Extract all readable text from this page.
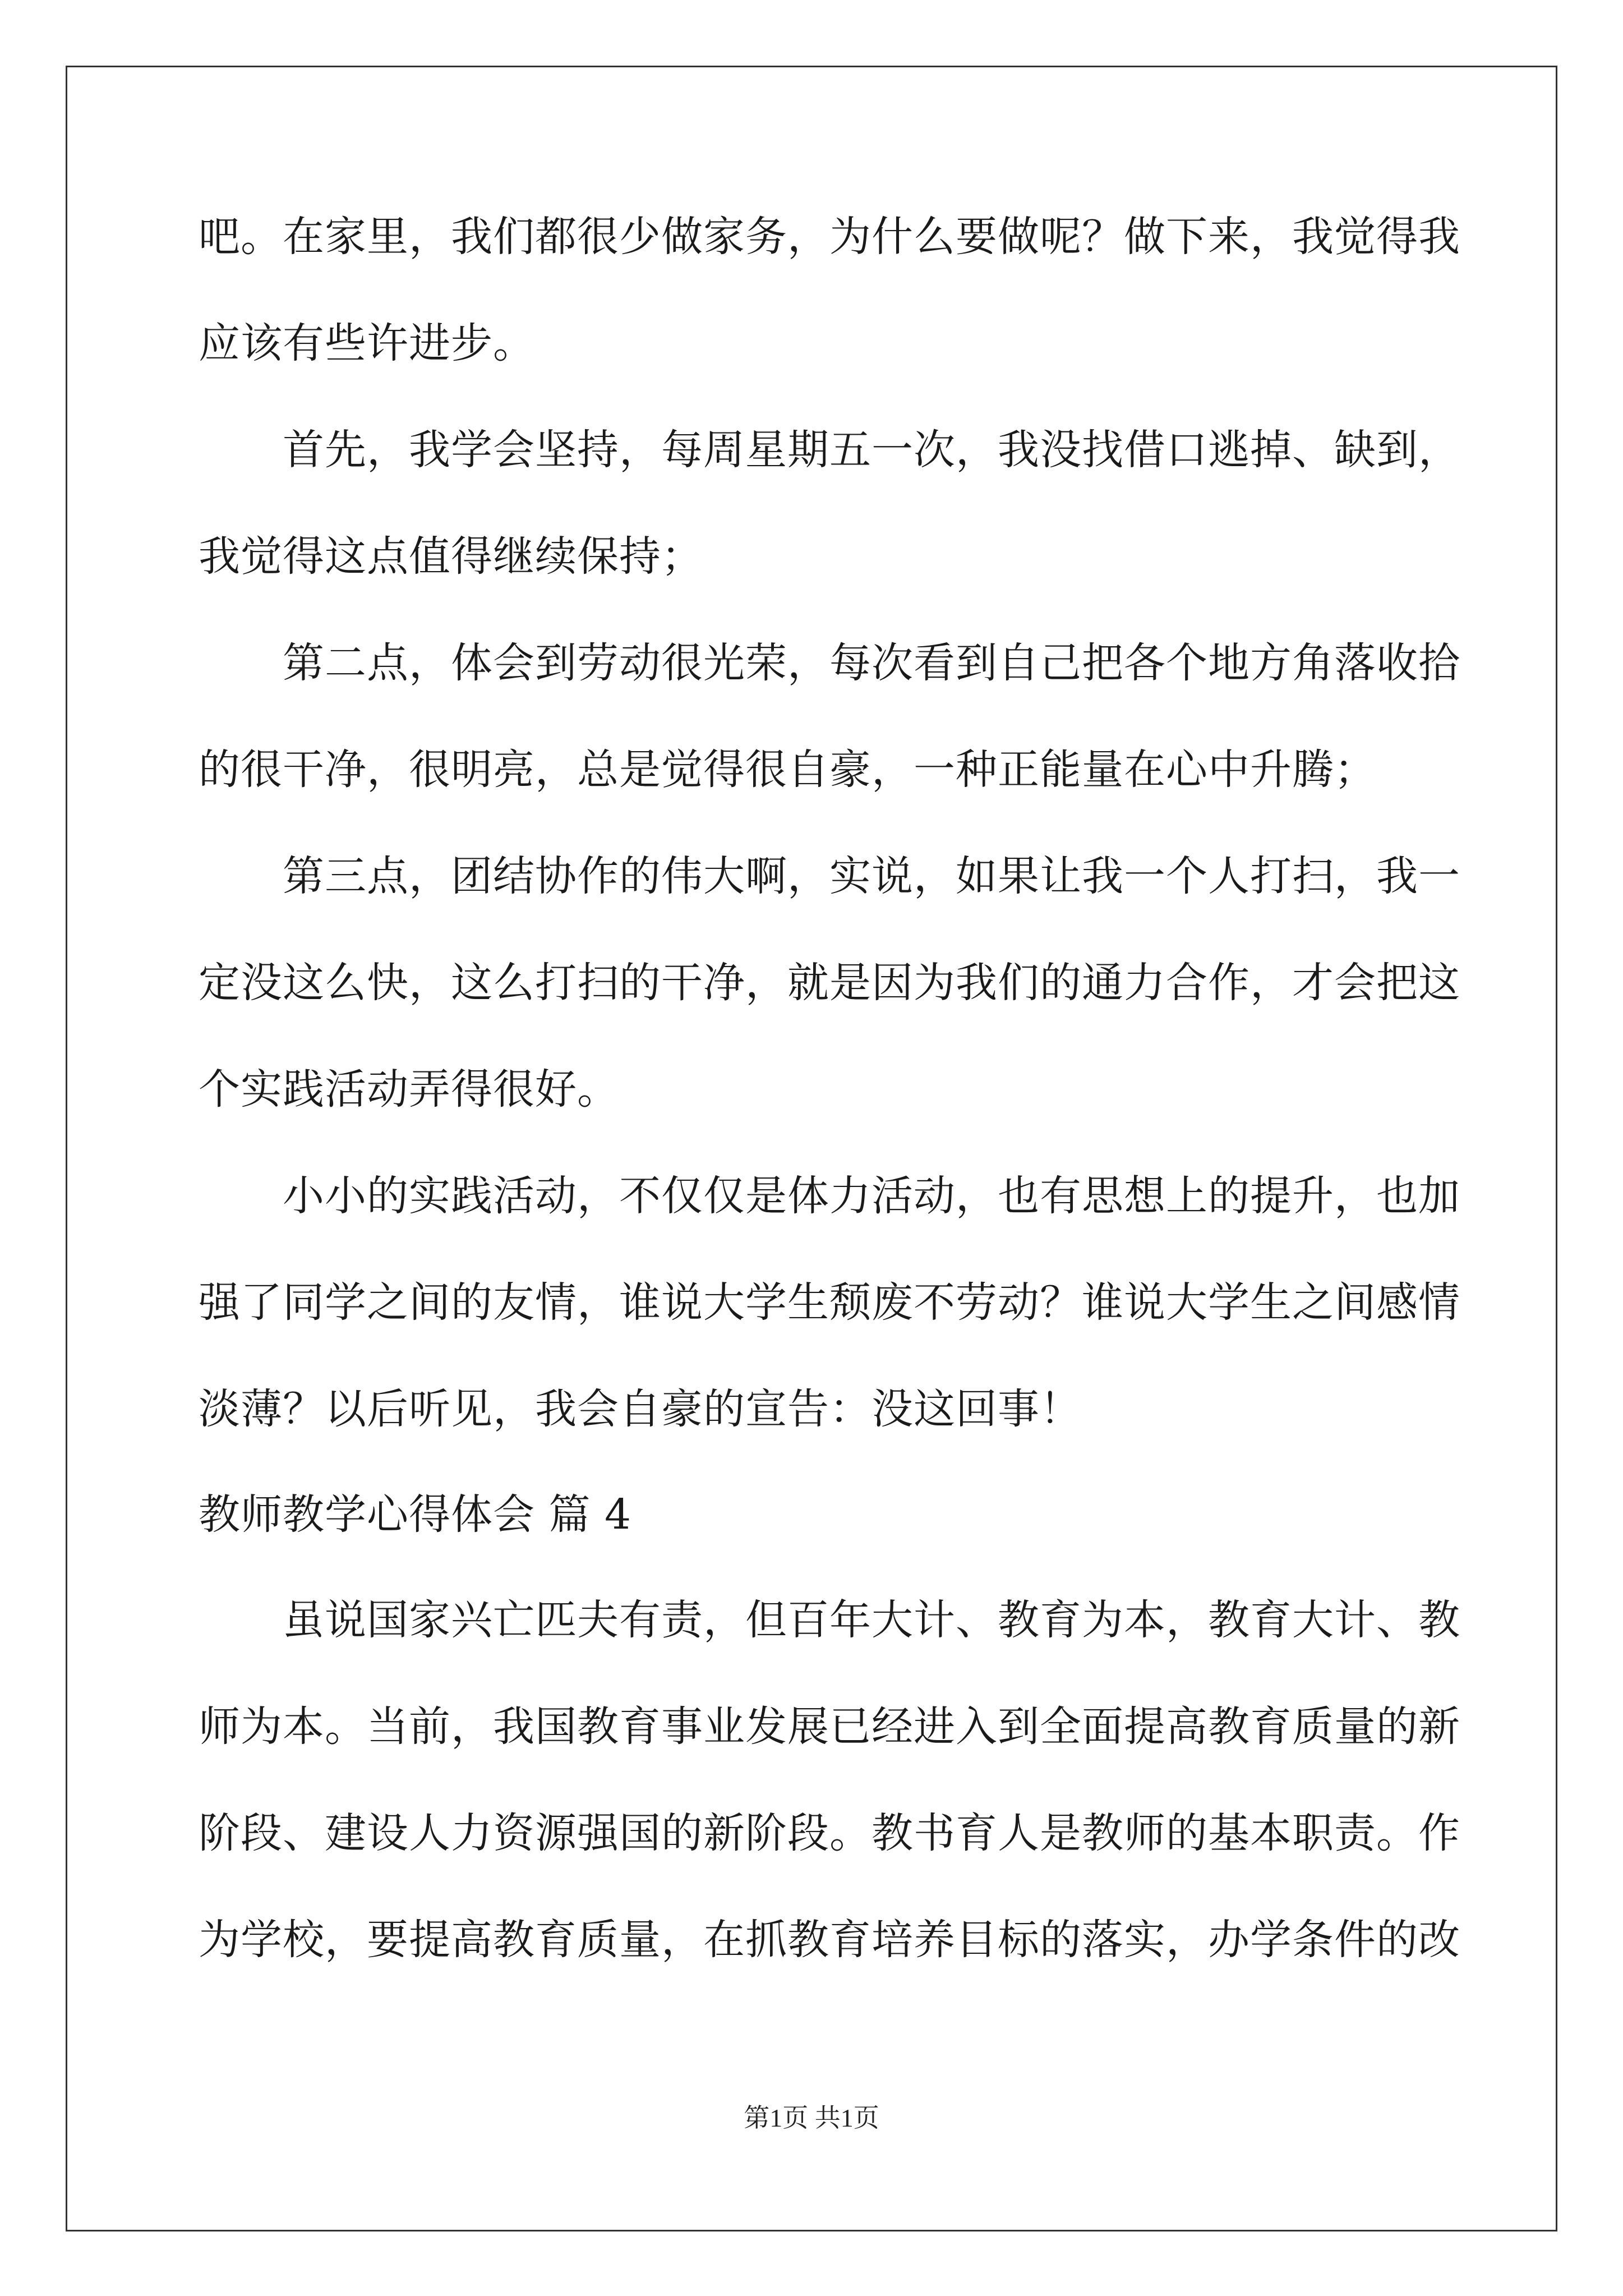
吧。在家里，我们都很少做家务，为什么要做呢？做下来，我觉得我
应该有些许进步。
首先，我学会坚持，每周星期五一次，我没找借口逃掉、缺到，
我觉得这点值得继续保持；
第二点，体会到劳动很光荣，每次看到自己把各个地方角落收拾
的很干净，很明亮，总是觉得很自豪，一种正能量在心中升腾；
第三点，团结协作的伟大啊，实说，如果让我一个人打扫，我一
定没这么快，这么打扫的干净，就是因为我们的通力合作，才会把这
个实践活动弄得很好。
小小的实践活动，不仅仅是体力活动，也有思想上的提升，也加
强了同学之间的友情，谁说大学生颓废不劳动？谁说大学生之间感情
淡薄？以后听见，我会自豪的宣告：没这回事！
教师教学心得体会 篇 4
虽说国家兴亡匹夫有责，但百年大计、教育为本，教育大计、教
师为本。当前，我国教育事业发展已经进入到全面提高教育质量的新
阶段、建设人力资源强国的新阶段。教书育人是教师的基本职责。作
为学校，要提高教育质量，在抓教育培养目标的落实，办学条件的改
第1页 共1页
